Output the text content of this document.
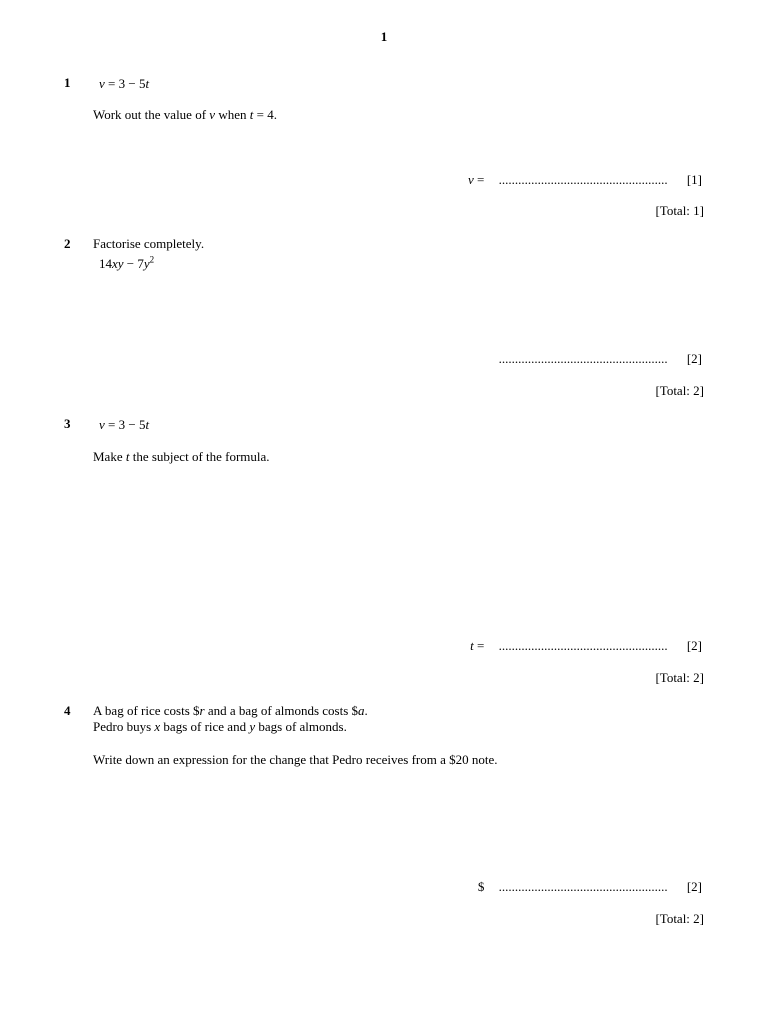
1
1 v = 3 − 5t
Work out the value of v when t = 4.
v = .................................................... [1]
[Total: 1]
2 Factorise completely.
$14xy - 7y^2$
.................................................... [2]
[Total: 2]
3 v = 3 − 5t
Make t the subject of the formula.
t = .................................................... [2]
[Total: 2]
4 A bag of rice costs $r and a bag of almonds costs $a.
Pedro buys x bags of rice and y bags of almonds.
Write down an expression for the change that Pedro receives from a $20 note.
$ .................................................... [2]
[Total: 2]
